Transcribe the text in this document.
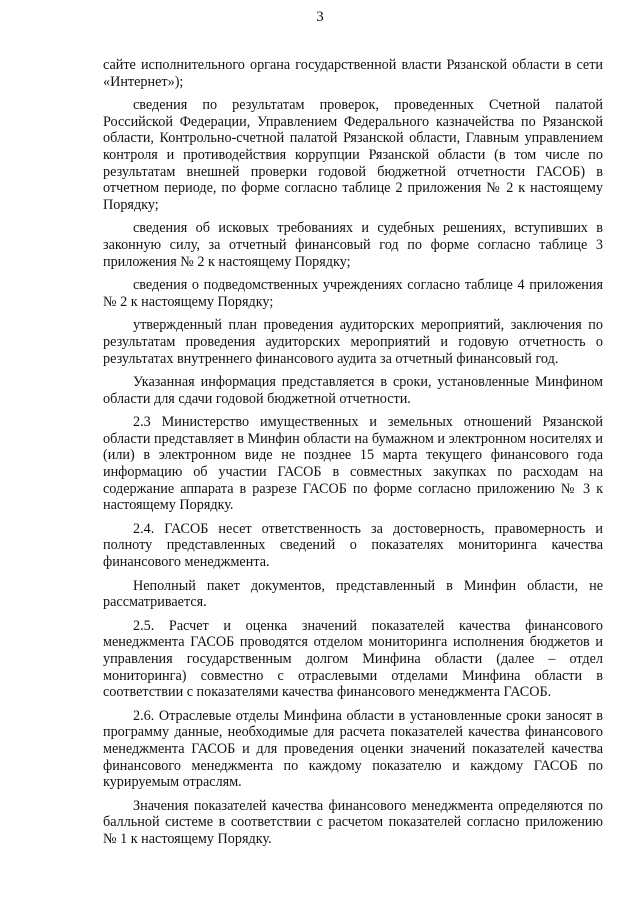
3

сайте исполнительного органа государственной власти Рязанской области в сети «Интернет»);

сведения по результатам проверок, проведенных Счетной палатой Российской Федерации, Управлением Федерального казначейства по Рязанской области, Контрольно-счетной палатой Рязанской области, Главным управлением контроля и противодействия коррупции Рязанской области (в том числе по результатам внешней проверки годовой бюджетной отчетности ГАСОБ) в отчетном периоде, по форме согласно таблице 2 приложения № 2 к настоящему Порядку;

сведения об исковых требованиях и судебных решениях, вступивших в законную силу, за отчетный финансовый год по форме согласно таблице 3 приложения № 2 к настоящему Порядку;

сведения о подведомственных учреждениях согласно таблице 4 приложения № 2 к настоящему Порядку;

утвержденный план проведения аудиторских мероприятий, заключения по результатам проведения аудиторских мероприятий и годовую отчетность о результатах внутреннего финансового аудита за отчетный финансовый год.

Указанная информация представляется в сроки, установленные Минфином области для сдачи годовой бюджетной отчетности.

2.3 Министерство имущественных и земельных отношений Рязанской области представляет в Минфин области на бумажном и электронном носителях и (или) в электронном виде не позднее 15 марта текущего финансового года информацию об участии ГАСОБ в совместных закупках по расходам на содержание аппарата в разрезе ГАСОБ по форме согласно приложению № 3 к настоящему Порядку.

2.4. ГАСОБ несет ответственность за достоверность, правомерность и полноту представленных сведений о показателях мониторинга качества финансового менеджмента.

Неполный пакет документов, представленный в Минфин области, не рассматривается.

2.5. Расчет и оценка значений показателей качества финансового менеджмента ГАСОБ проводятся отделом мониторинга исполнения бюджетов и управления государственным долгом Минфина области (далее – отдел мониторинга) совместно с отраслевыми отделами Минфина области в соответствии с показателями качества финансового менеджмента ГАСОБ.

2.6. Отраслевые отделы Минфина области в установленные сроки заносят в программу данные, необходимые для расчета показателей качества финансового менеджмента ГАСОБ и для проведения оценки значений показателей качества финансового менеджмента по каждому показателю и каждому ГАСОБ по курируемым отраслям.

Значения показателей качества финансового менеджмента определяются по балльной системе в соответствии с расчетом показателей согласно приложению № 1 к настоящему Порядку.
